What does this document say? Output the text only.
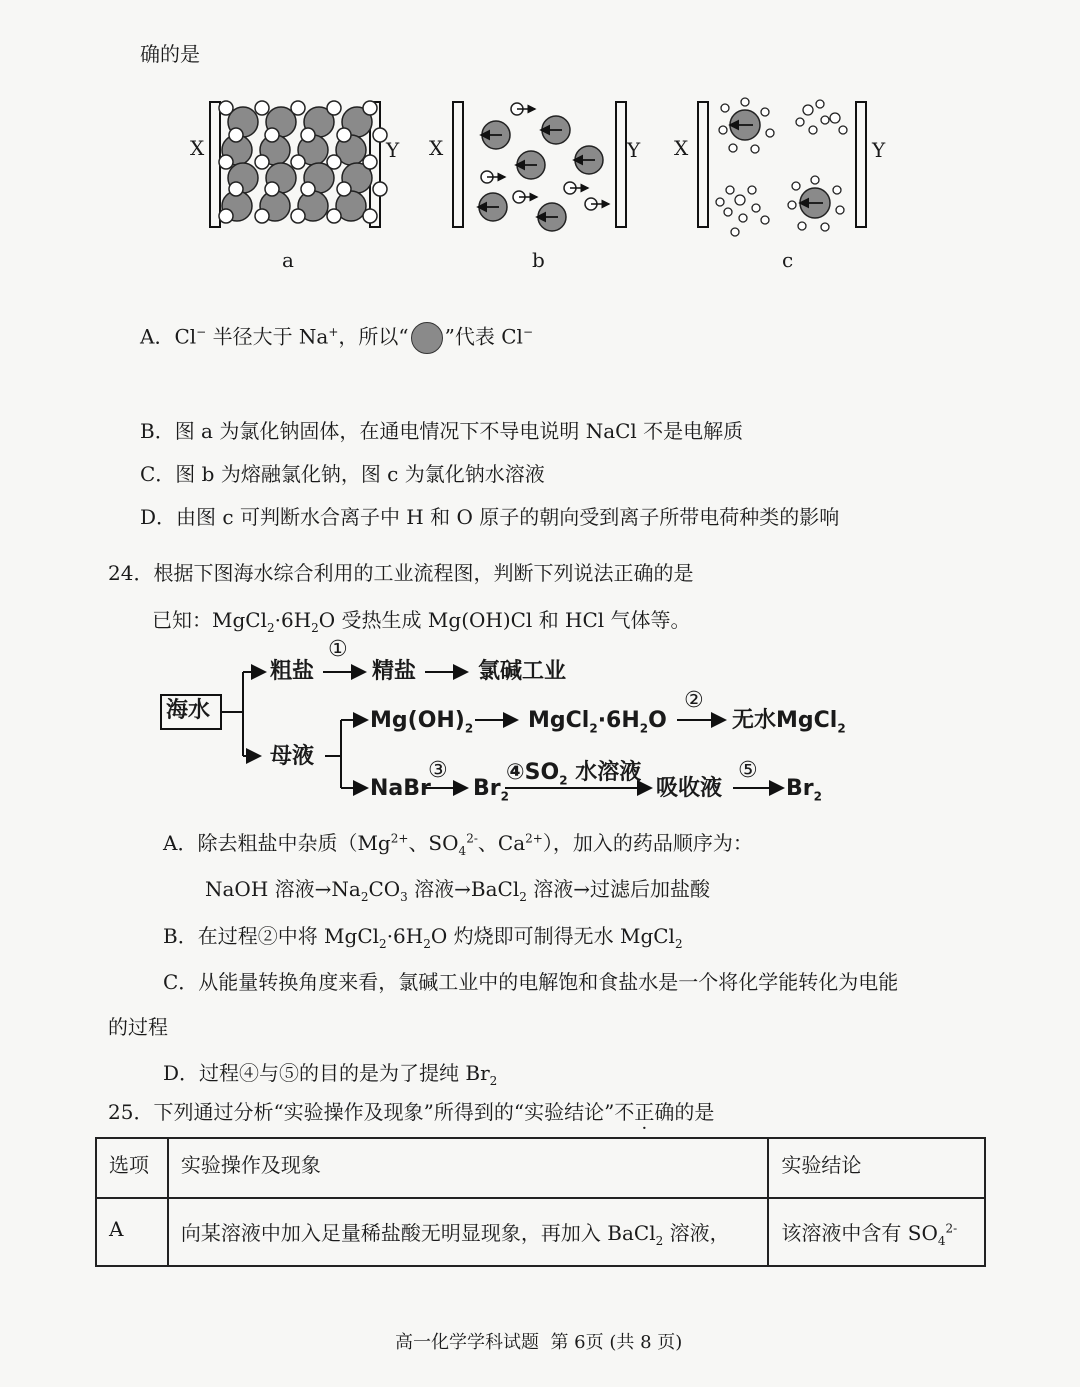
确的是
X	Y X	Y X	Y
a	b	c
A．Cl− 半径大于 Na+，所以“ ”代表 Cl−
B．图 a 为氯化钠固体，在通电情况下不导电说明 NaCl 不是电解质
C．图 b 为熔融氯化钠，图 c 为氯化钠水溶液
D．由图 c 可判断水合离子中 H 和 O 原子的朝向受到离子所带电荷种类的影响
24．根据下图海水综合利用的工业流程图，判断下列说法正确的是
已知：$MgCl_2\cdot 6H_2O$ 受热生成 Mg(OH)Cl 和 HCl 气体等。
海水
粗盐
①
精盐	氯碱工业
母液
$Mg(OH)_2$ $MgCl_2\cdot 6H_2O$
②
无水MgCl$_2$
NaBr
③
$Br_2$
$④SO_2$ 水溶液
吸收液
⑤
$Br_2$
A．除去粗盐中杂质（$Mg^{2+}$、$SO_4^{2-}$、$Ca^{2+}$），加入的药品顺序为：
NaOH 溶液$\to Na_2CO_3$ 溶液→BaCl$_2$ 溶液→过滤后加盐酸
B．在过程②中将 $MgCl_2\cdot 6H_2O$ 灼烧即可制得无水 MgCl$_2$
C．从能量转换角度来看，氯碱工业中的电解饱和食盐水是一个将化学能转化为电能
的过程
D．过程④与⑤的目的是为了提纯 $Br_2$
25．下列通过分析“实验操作及现象”所得到的“实验结论”不正确的是
选项	实验操作及现象	实验结论
A	向某溶液中加入足量稀盐酸无明显现象，再加入 BaCl$_2$ 溶液，	该溶液中含有 $SO_4^{2-}$
高一化学学科试题  第 6页 (共 8 页)
